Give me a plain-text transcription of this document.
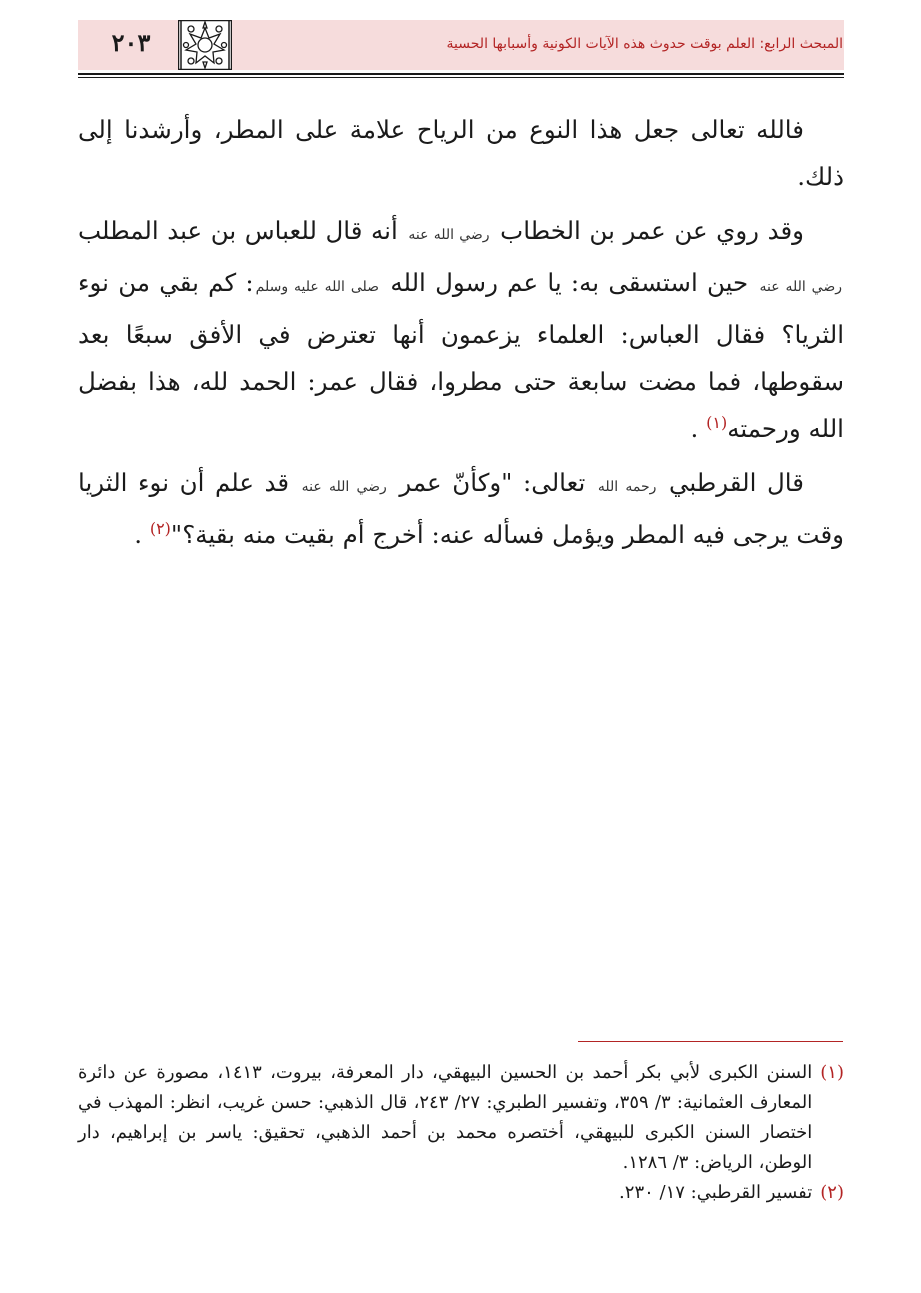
المبحث الرابع: العلم بوقت حدوث هذه الآيات الكونية وأسبابها الحسية
٢٠٣

فالله تعالى جعل هذا النوع من الرياح علامة على المطر، وأرشدنا إلى ذلك.

وقد روي عن عمر بن الخطاب رضي الله عنه أنه قال للعباس بن عبد المطلب رضي الله عنه حين استسقى به: يا عم رسول الله صلى الله عليه وسلم: كم بقي من نوء الثريا؟ فقال العباس: العلماء يزعمون أنها تعترض في الأفق سبعًا بعد سقوطها، فما مضت سابعة حتى مطروا، فقال عمر: الحمد لله، هذا بفضل الله ورحمته$^{(١)}$ .

قال القرطبي رحمه الله تعالى: "وكأنّ عمر رضي الله عنه قد علم أن نوء الثريا وقت يرجى فيه المطر ويؤمل فسأله عنه: أخرج أم بقيت منه بقية؟"$^{(٢)}$ .

(١)
السنن الكبرى لأبي بكر أحمد بن الحسين البيهقي، دار المعرفة، بيروت، ١٤١٣، مصورة عن دائرة المعارف العثمانية: ٣/ ٣٥٩، وتفسير الطبري: ٢٧/ ٢٤٣، قال الذهبي: حسن غريب، انظر: المهذب في اختصار السنن الكبرى للبيهقي، أختصره محمد بن أحمد الذهبي، تحقيق: ياسر بن إبراهيم، دار الوطن، الرياض: ٣/ ١٢٨٦.
(٢)
تفسير القرطبي: ١٧/ ٢٣٠.
